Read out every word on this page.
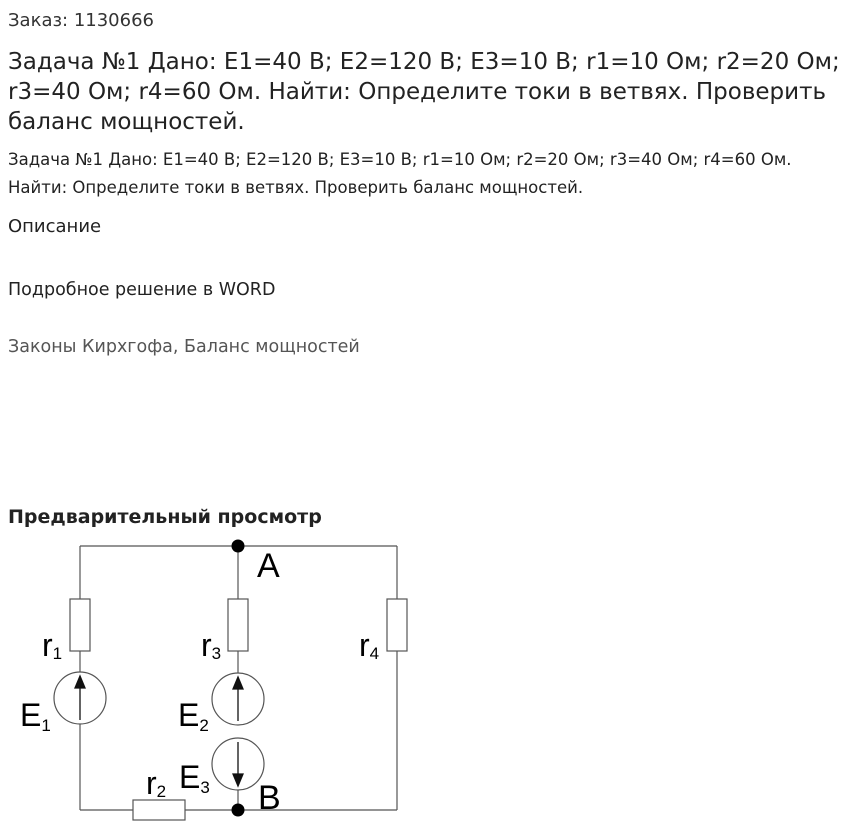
Заказ: 1130666
Задача №1 Дано: E1=40 В; E2=120 В; E3=10 В; r1=10 Ом; r2=20 Ом; r3=40 Ом; r4=60 Ом. Найти: Определите токи в ветвях. Проверить баланс мощностей.
Задача №1 Дано: E1=40 В; E2=120 В; E3=10 В; r1=10 Ом; r2=20 Ом; r3=40 Ом; r4=60 Ом. Найти: Определите токи в ветвях. Проверить баланс мощностей.
Описание
Подробное решение в WORD
Законы Кирхгофа, Баланс мощностей
Предварительный просмотр
A
B
r1	r3	r4
r2
E1	E2
E3
